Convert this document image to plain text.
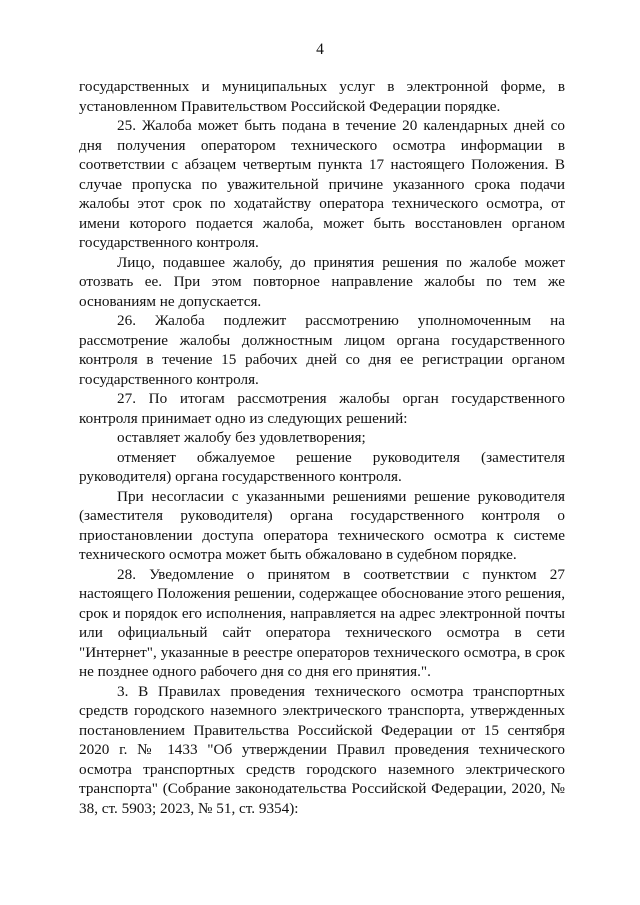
4

государственных и муниципальных услуг в электронной форме, в установленном Правительством Российской Федерации порядке.

25. Жалоба может быть подана в течение 20 календарных дней со дня получения оператором технического осмотра информации в соответствии с абзацем четвертым пункта 17 настоящего Положения. В случае пропуска по уважительной причине указанного срока подачи жалобы этот срок по ходатайству оператора технического осмотра, от имени которого подается жалоба, может быть восстановлен органом государственного контроля.

Лицо, подавшее жалобу, до принятия решения по жалобе может отозвать ее. При этом повторное направление жалобы по тем же основаниям не допускается.

26. Жалоба подлежит рассмотрению уполномоченным на рассмотрение жалобы должностным лицом органа государственного контроля в течение 15 рабочих дней со дня ее регистрации органом государственного контроля.

27. По итогам рассмотрения жалобы орган государственного контроля принимает одно из следующих решений:

оставляет жалобу без удовлетворения;

отменяет обжалуемое решение руководителя (заместителя руководителя) органа государственного контроля.

При несогласии с указанными решениями решение руководителя (заместителя руководителя) органа государственного контроля о приостановлении доступа оператора технического осмотра к системе технического осмотра может быть обжаловано в судебном порядке.

28. Уведомление о принятом в соответствии с пунктом 27 настоящего Положения решении, содержащее обоснование этого решения, срок и порядок его исполнения, направляется на адрес электронной почты или официальный сайт оператора технического осмотра в сети "Интернет", указанные в реестре операторов технического осмотра, в срок не позднее одного рабочего дня со дня его принятия.".

3. В Правилах проведения технического осмотра транспортных средств городского наземного электрического транспорта, утвержденных постановлением Правительства Российской Федерации от 15 сентября 2020 г. № 1433 "Об утверждении Правил проведения технического осмотра транспортных средств городского наземного электрического транспорта" (Собрание законодательства Российской Федерации, 2020, № 38, ст. 5903; 2023, № 51, ст. 9354):
